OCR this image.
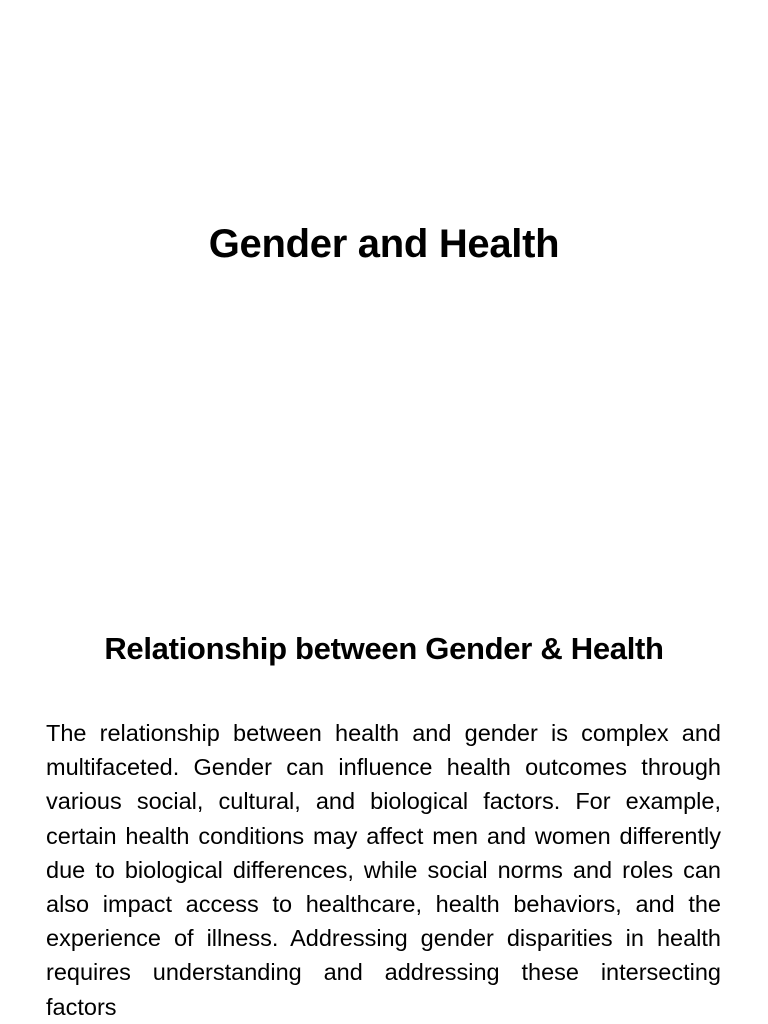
Gender and Health
Relationship between Gender & Health

The relationship between health and gender is complex and multifaceted. Gender can influence health outcomes through various social, cultural, and biological factors. For example, certain health conditions may affect men and women differently due to biological differences, while social norms and roles can also impact access to healthcare, health behaviors, and the experience of illness. Addressing gender disparities in health requires understanding and addressing these intersecting factors
